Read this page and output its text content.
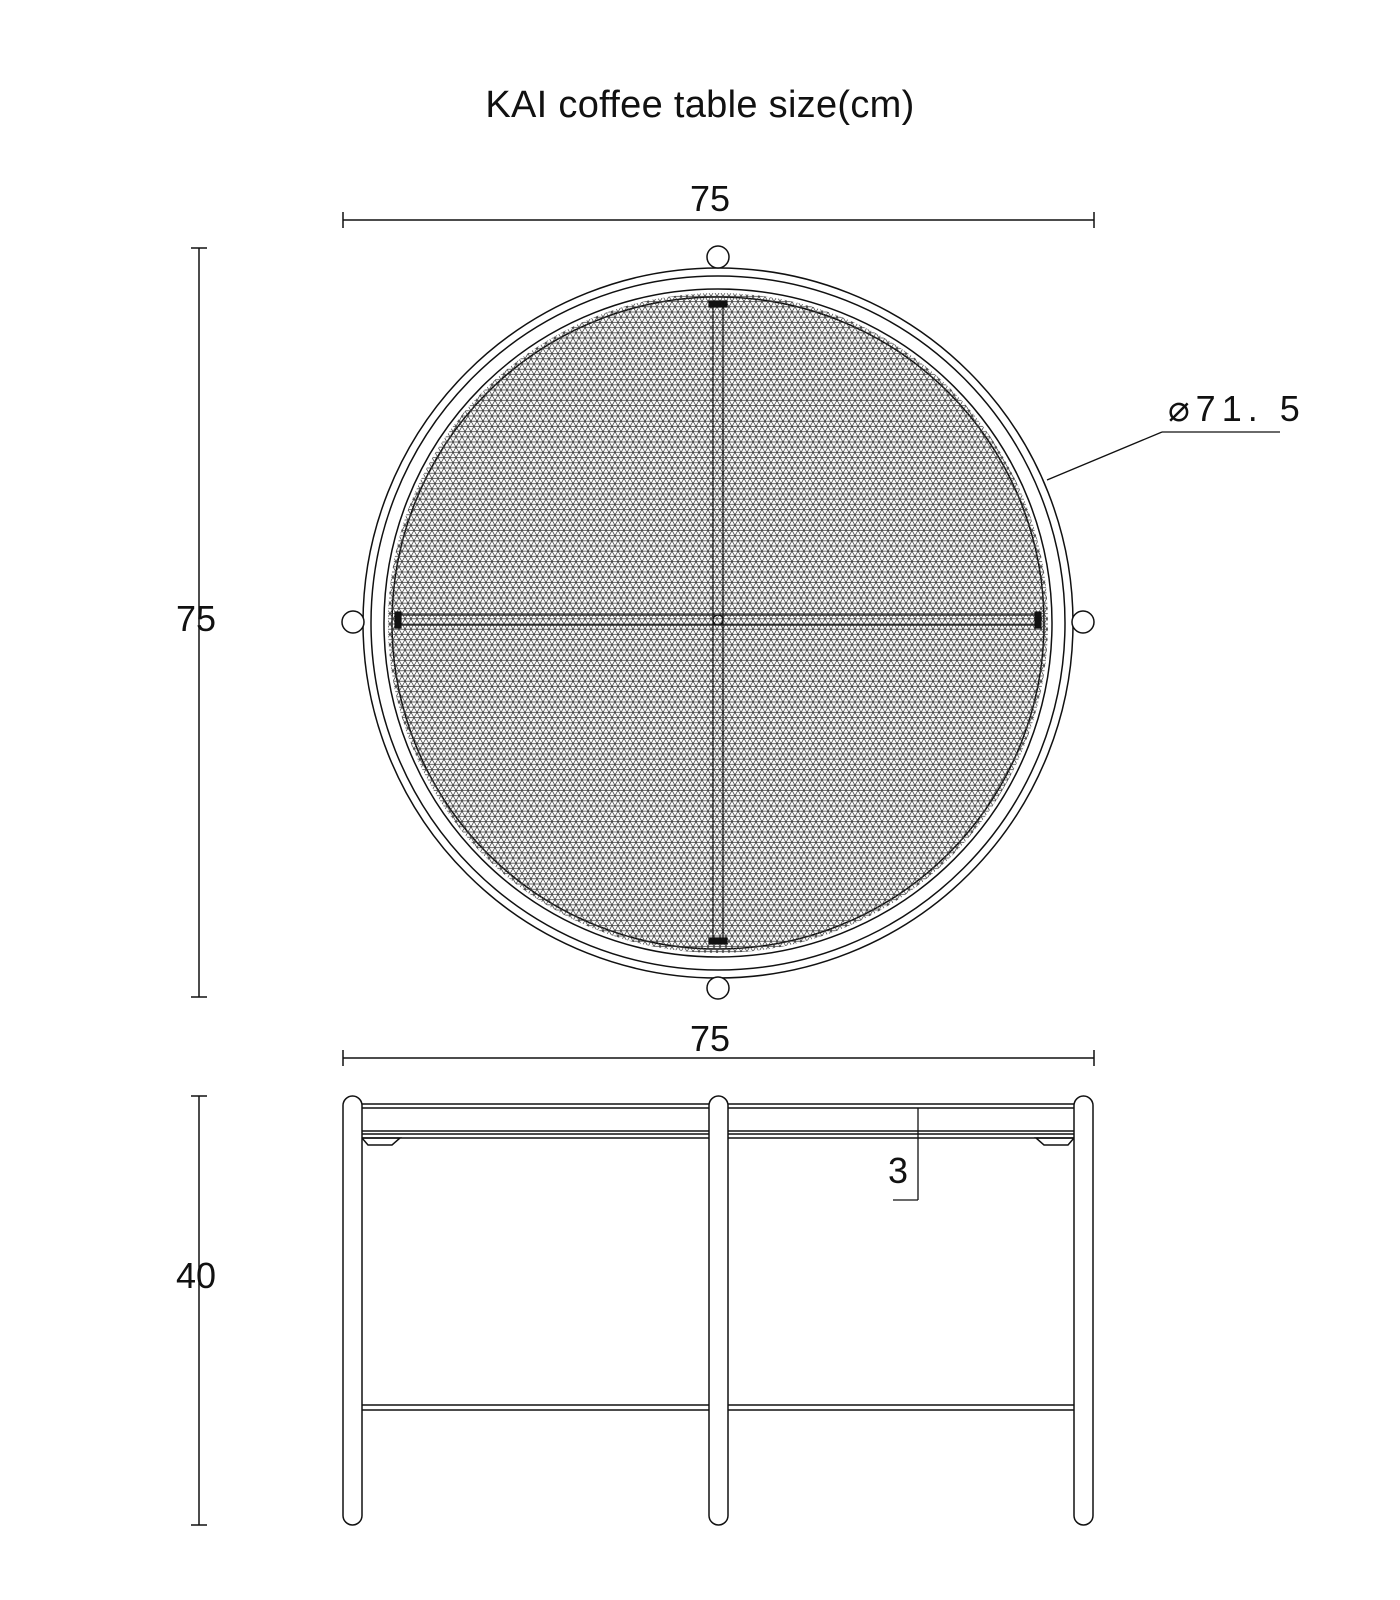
KAI coffee table size(cm)
75
75
⌀71. 5
75
40
3
